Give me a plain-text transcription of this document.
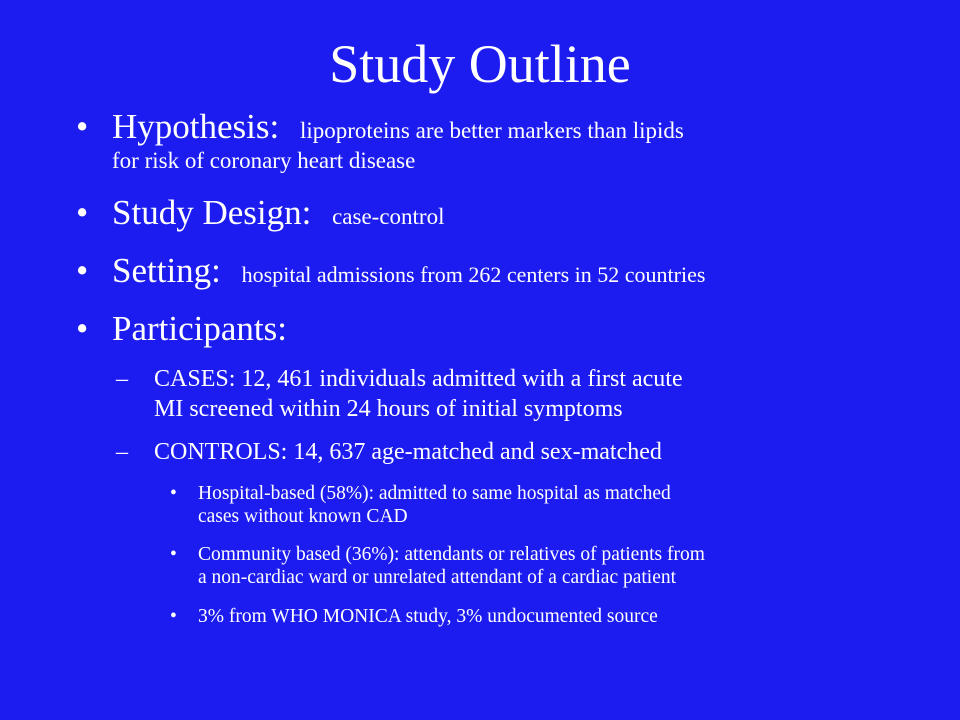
Study Outline
• Hypothesis: lipoproteins are better markers than lipids
for risk of coronary heart disease
• Study Design: case-control
• Setting: hospital admissions from 262 centers in 52 countries
• Participants:
– CASES: 12, 461 individuals admitted with a first acute
MI screened within 24 hours of initial symptoms
– CONTROLS: 14, 637 age-matched and sex-matched
• Hospital-based (58%): admitted to same hospital as matched
cases without known CAD
• Community based (36%): attendants or relatives of patients from
a non-cardiac ward or unrelated attendant of a cardiac patient
• 3% from WHO MONICA study, 3% undocumented source
